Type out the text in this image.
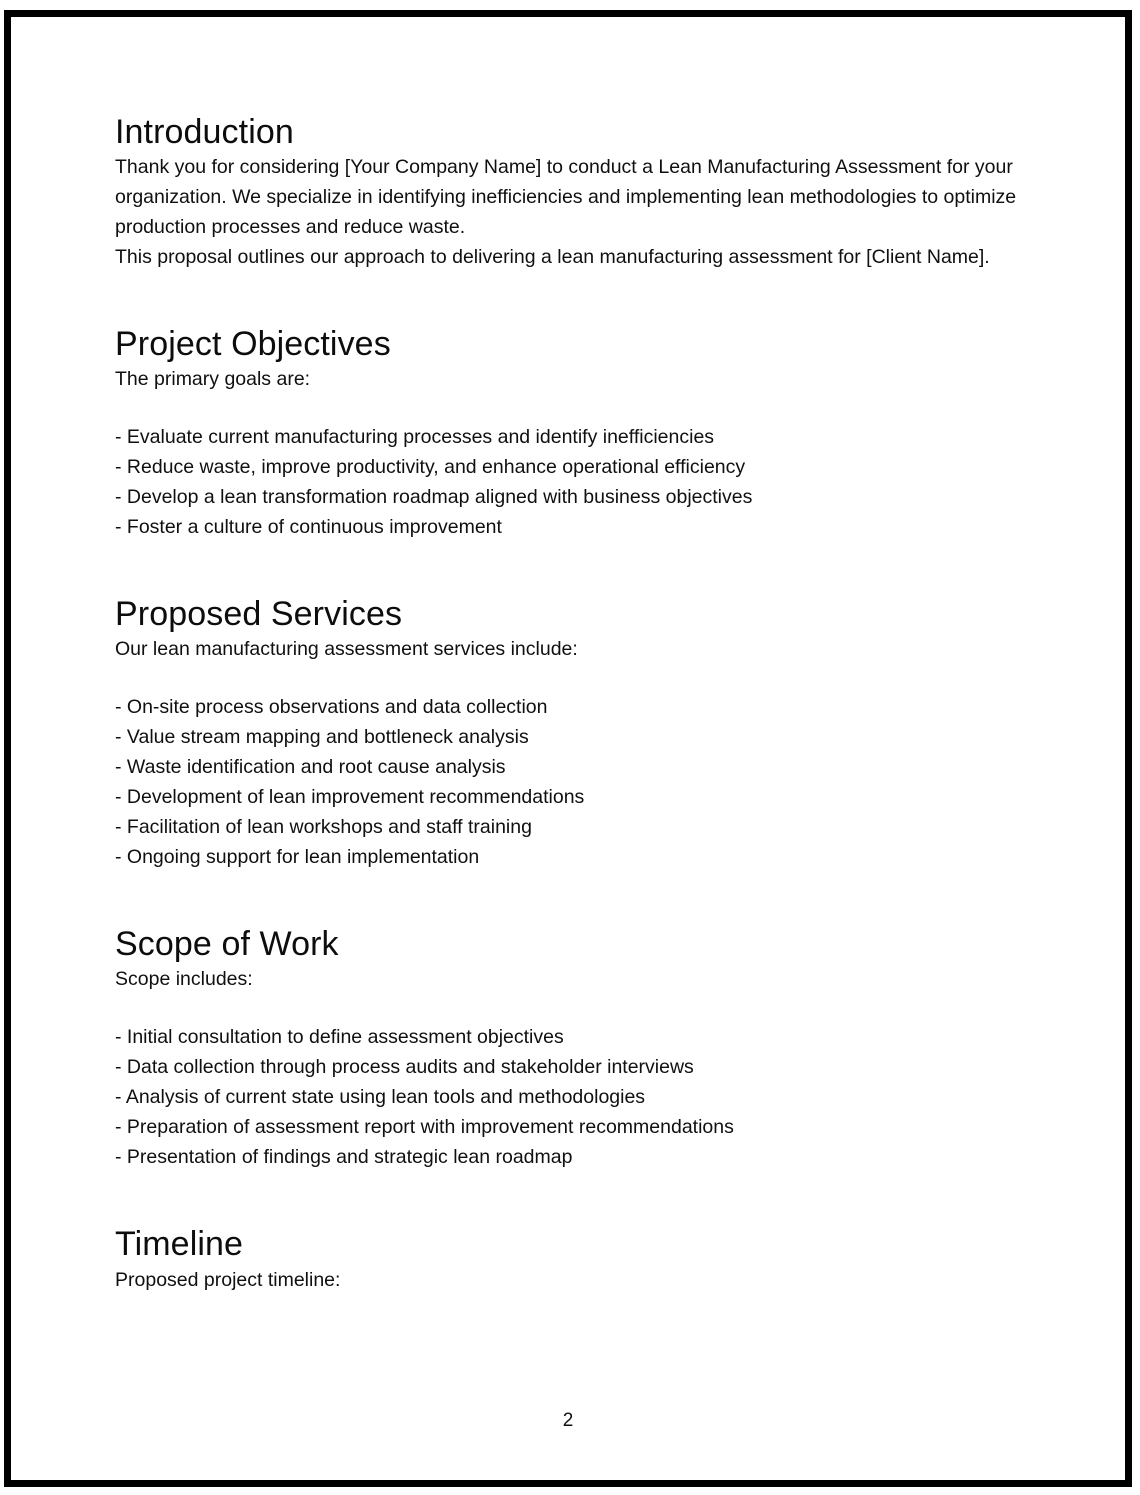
Introduction

Thank you for considering [Your Company Name] to conduct a Lean Manufacturing Assessment for your organization. We specialize in identifying inefficiencies and implementing lean methodologies to optimize production processes and reduce waste.

This proposal outlines our approach to delivering a lean manufacturing assessment for [Client Name].

Project Objectives

The primary goals are:

- Evaluate current manufacturing processes and identify inefficiencies
- Reduce waste, improve productivity, and enhance operational efficiency
- Develop a lean transformation roadmap aligned with business objectives
- Foster a culture of continuous improvement
Proposed Services

Our lean manufacturing assessment services include:

- On-site process observations and data collection
- Value stream mapping and bottleneck analysis
- Waste identification and root cause analysis
- Development of lean improvement recommendations
- Facilitation of lean workshops and staff training
- Ongoing support for lean implementation
Scope of Work

Scope includes:

- Initial consultation to define assessment objectives
- Data collection through process audits and stakeholder interviews
- Analysis of current state using lean tools and methodologies
- Preparation of assessment report with improvement recommendations
- Presentation of findings and strategic lean roadmap
Timeline

Proposed project timeline:

2
